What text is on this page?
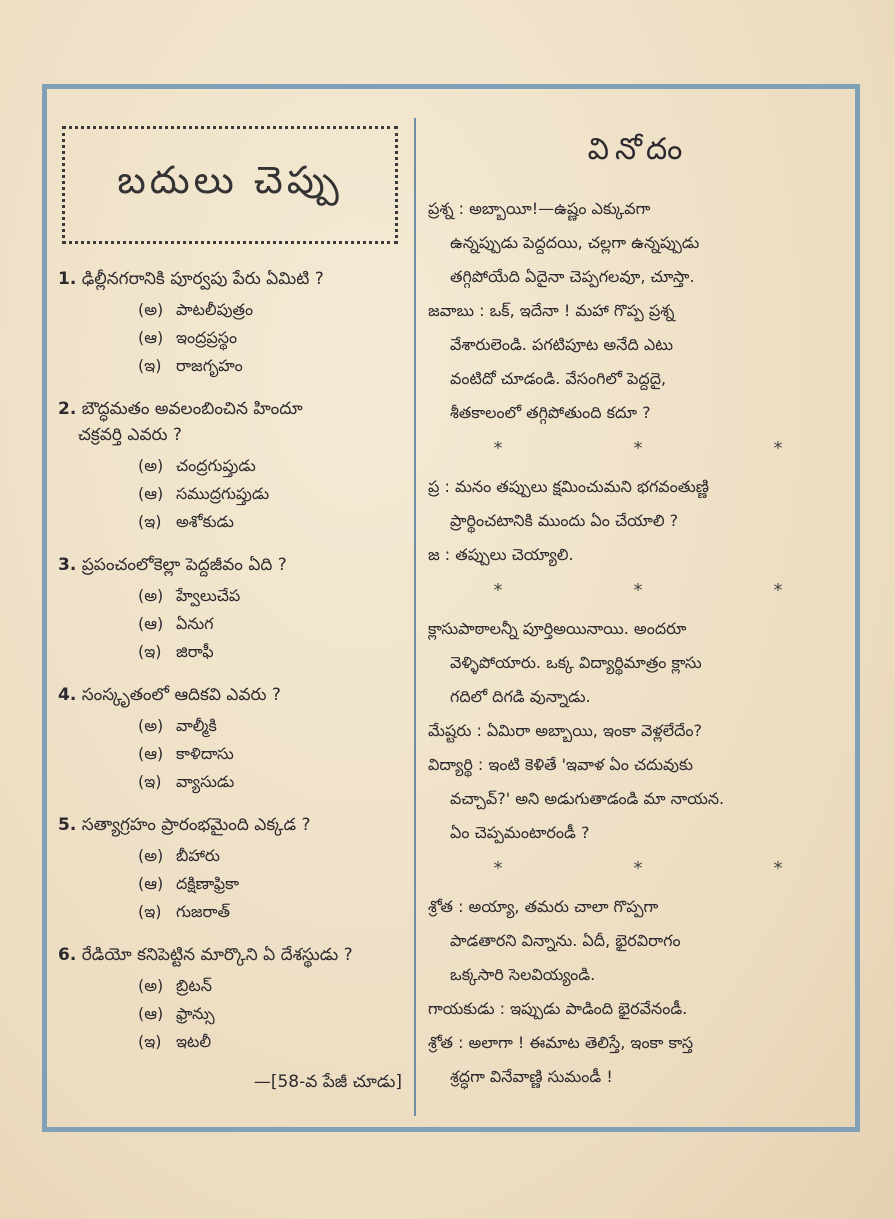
బదులు చెప్పు
1. ఢిల్లీనగరానికి పూర్వపు పేరు ఏమిటి ?
(అ) పాటలీపుత్రం
(ఆ) ఇంద్రప్రస్థం
(ఇ) రాజగృహం
2. బౌద్ధమతం అవలంబించిన హిందూ
చక్రవర్తి ఎవరు ?
(అ) చంద్రగుప్తుడు
(ఆ) సముద్రగుప్తుడు
(ఇ) అశోకుడు
3. ప్రపంచంలోకెల్లా పెద్దజీవం ఏది ?
(అ) హ్వేలుచేప
(ఆ) ఏనుగ
(ఇ) జిరాఫీ
4. సంస్కృతంలో ఆదికవి ఎవరు ?
(అ) వాల్మీకి
(ఆ) కాళిదాసు
(ఇ) వ్యాసుడు
5. సత్యాగ్రహం ప్రారంభమైంది ఎక్కడ ?
(అ) బీహారు
(ఆ) దక్షిణాఫ్రికా
(ఇ) గుజరాత్
6. రేడియో కనిపెట్టిన మార్కొని ఏ దేశస్థుడు ?
(అ) బ్రిటన్
(ఆ) ఫ్రాన్సు
(ఇ) ఇటలీ
—[58-వ పేజీ చూడు]
వినోదం
ప్రశ్న : అబ్బాయీ!—ఉష్ణం ఎక్కువగా
ఉన్నప్పుడు పెద్దదయి, చల్లగా ఉన్నప్పుడు
తగ్గిపోయేది ఏదైనా చెప్పగలవూ, చూస్తా.
జవాబు : ఒక్, ఇదేనా ! మహా గొప్ప ప్రశ్న
వేశారులెండి. పగటిపూట అనేది ఎటు
వంటిదో చూడండి. వేసంగిలో పెద్దదై,
శీతకాలంలో తగ్గిపోతుంది కదూ ?
*	*	*
ప్ర : మనం తప్పులు క్షమించుమని భగవంతుణ్ణి
ప్రార్థించటానికి ముందు ఏం చేయాలి ?
జ : తప్పులు చెయ్యాలి.
*	*	*
క్లాసుపాఠాలన్నీ పూర్తిఅయినాయి. అందరూ
వెళ్ళిపోయారు. ఒక్క విద్యార్థిమాత్రం క్లాసు
గదిలో దిగడి వున్నాడు.
మేష్టరు : ఏమిరా అబ్బాయి, ఇంకా వెళ్లలేదేం?
విద్యార్థి : ఇంటి కెళితే 'ఇవాళ ఏం చదువుకు
వచ్చావ్?' అని అడుగుతాడండి మా నాయన.
ఏం చెప్పమంటారండీ ?
*	*	*
శ్రోత : అయ్యా, తమరు చాలా గొప్పగా
పాడతారని విన్నాను. ఏదీ, భైరవిరాగం
ఒక్కసారి సెలవియ్యండి.
గాయకుడు : ఇప్పుడు పాడింది భైరవేనండీ.
శ్రోత : అలాగా ! ఈమాట తెలిస్తే, ఇంకా కాస్త
శ్రద్ధగా వినేవాణ్ణి సుమండీ !
